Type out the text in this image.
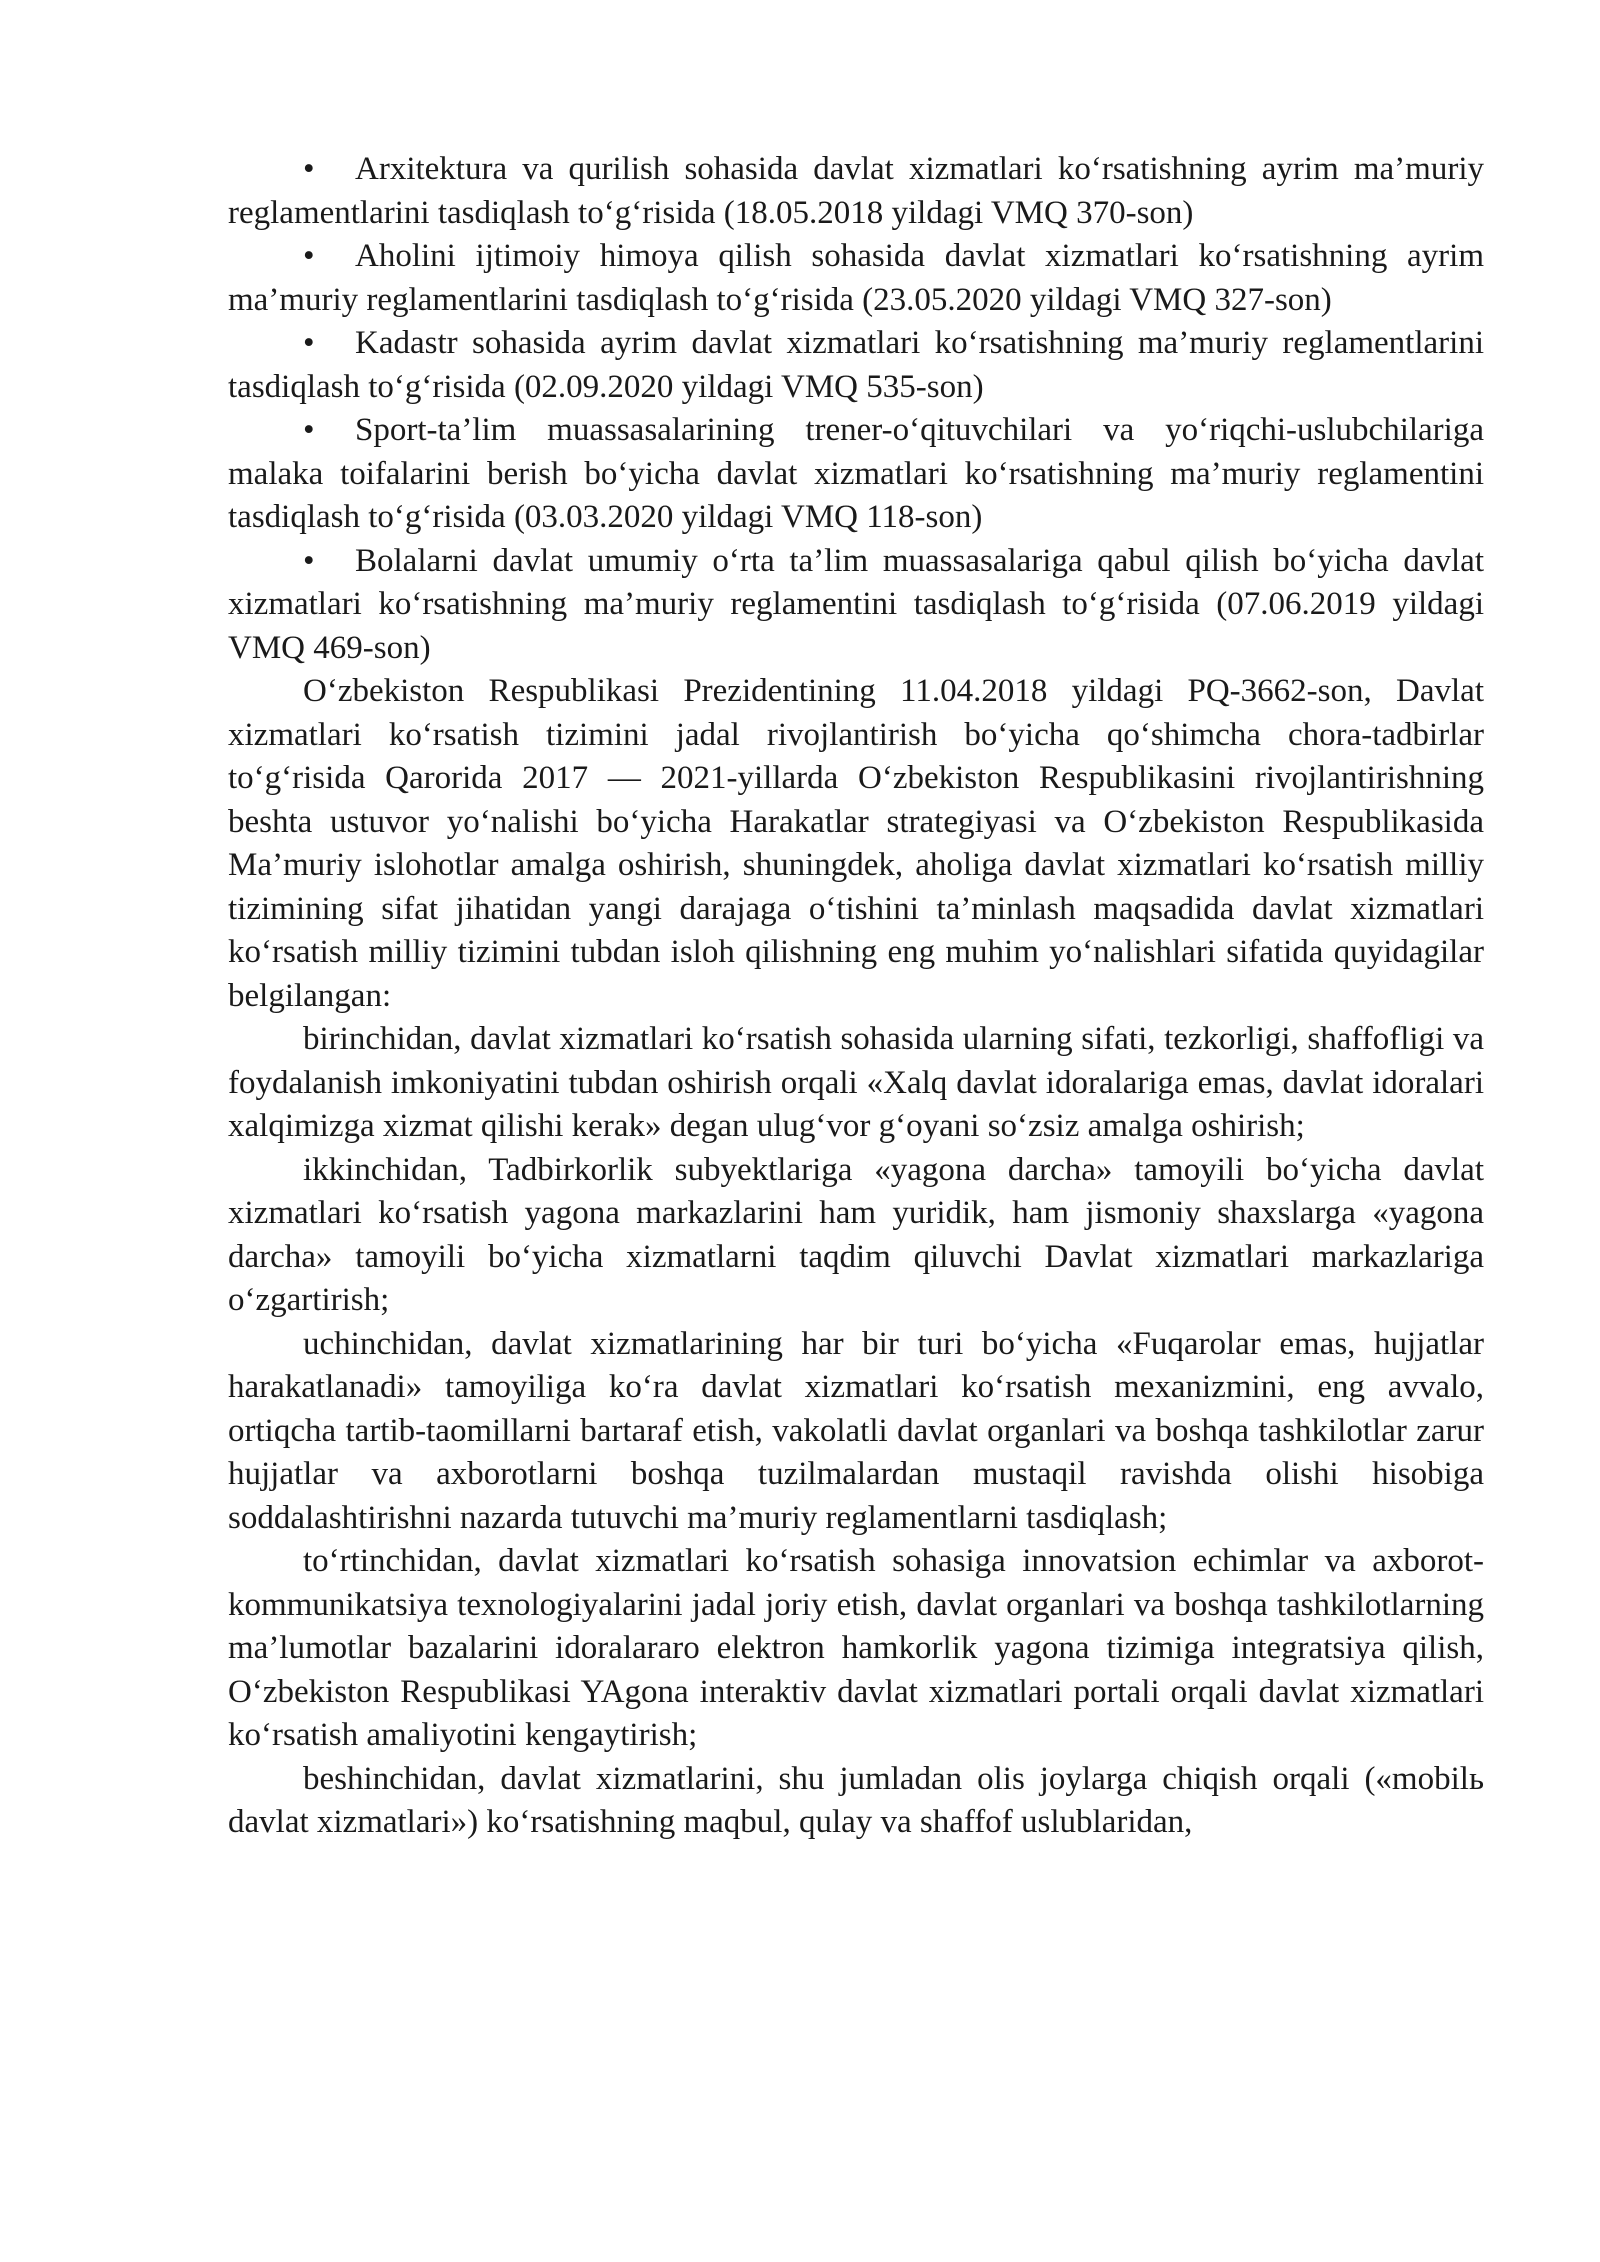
• Arxitektura va qurilish sohasida davlat xizmatlari ko‘rsatishning ayrim ma’muriy reglamentlarini tasdiqlash to‘g‘risida (18.05.2018 yildagi VMQ 370-son)

• Aholini ijtimoiy himoya qilish sohasida davlat xizmatlari ko‘rsatishning ayrim ma’muriy reglamentlarini tasdiqlash to‘g‘risida (23.05.2020 yildagi VMQ 327-son)

• Kadastr sohasida ayrim davlat xizmatlari ko‘rsatishning ma’muriy reglamentlarini tasdiqlash to‘g‘risida (02.09.2020 yildagi VMQ 535-son)

• Sport-ta’lim muassasalarining trener-o‘qituvchilari va yo‘riqchi-uslubchilariga malaka toifalarini berish bo‘yicha davlat xizmatlari ko‘rsatishning ma’muriy reglamentini tasdiqlash to‘g‘risida (03.03.2020 yildagi VMQ 118-son)

• Bolalarni davlat umumiy o‘rta ta’lim muassasalariga qabul qilish bo‘yicha davlat xizmatlari ko‘rsatishning ma’muriy reglamentini tasdiqlash to‘g‘risida (07.06.2019 yildagi VMQ 469-son)

O‘zbekiston Respublikasi Prezidentining 11.04.2018 yildagi PQ-3662-son, Davlat xizmatlari ko‘rsatish tizimini jadal rivojlantirish bo‘yicha qo‘shimcha chora-tadbirlar to‘g‘risida Qarorida 2017 — 2021-yillarda O‘zbekiston Respublikasini rivojlantirishning beshta ustuvor yo‘nalishi bo‘yicha Harakatlar strategiyasi va O‘zbekiston Respublikasida Ma’muriy islohotlar amalga oshirish, shuningdek, aholiga davlat xizmatlari ko‘rsatish milliy tizimining sifat jihatidan yangi darajaga o‘tishini ta’minlash maqsadida davlat xizmatlari ko‘rsatish milliy tizimini tubdan isloh qilishning eng muhim yo‘nalishlari sifatida quyidagilar belgilangan:

birinchidan, davlat xizmatlari ko‘rsatish sohasida ularning sifati, tezkorligi, shaffofligi va foydalanish imkoniyatini tubdan oshirish orqali «Xalq davlat idoralariga emas, davlat idoralari xalqimizga xizmat qilishi kerak» degan ulug‘vor g‘oyani so‘zsiz amalga oshirish;

ikkinchidan, Tadbirkorlik subyektlariga «yagona darcha» tamoyili bo‘yicha davlat xizmatlari ko‘rsatish yagona markazlarini ham yuridik, ham jismoniy shaxslarga «yagona darcha» tamoyili bo‘yicha xizmatlarni taqdim qiluvchi Davlat xizmatlari markazlariga o‘zgartirish;

uchinchidan, davlat xizmatlarining har bir turi bo‘yicha «Fuqarolar emas, hujjatlar harakatlanadi» tamoyiliga ko‘ra davlat xizmatlari ko‘rsatish mexanizmini, eng avvalo, ortiqcha tartib-taomillarni bartaraf etish, vakolatli davlat organlari va boshqa tashkilotlar zarur hujjatlar va axborotlarni boshqa tuzilmalardan mustaqil ravishda olishi hisobiga soddalashtirishni nazarda tutuvchi ma’muriy reglamentlarni tasdiqlash;

to‘rtinchidan, davlat xizmatlari ko‘rsatish sohasiga innovatsion echimlar va axborot-kommunikatsiya texnologiyalarini jadal joriy etish, davlat organlari va boshqa tashkilotlarning ma’lumotlar bazalarini idoralararo elektron hamkorlik yagona tizimiga integratsiya qilish, O‘zbekiston Respublikasi YAgona interaktiv davlat xizmatlari portali orqali davlat xizmatlari ko‘rsatish amaliyotini kengaytirish;

beshinchidan, davlat xizmatlarini, shu jumladan olis joylarga chiqish orqali («mobilь davlat xizmatlari») ko‘rsatishning maqbul, qulay va shaffof uslublaridan,
